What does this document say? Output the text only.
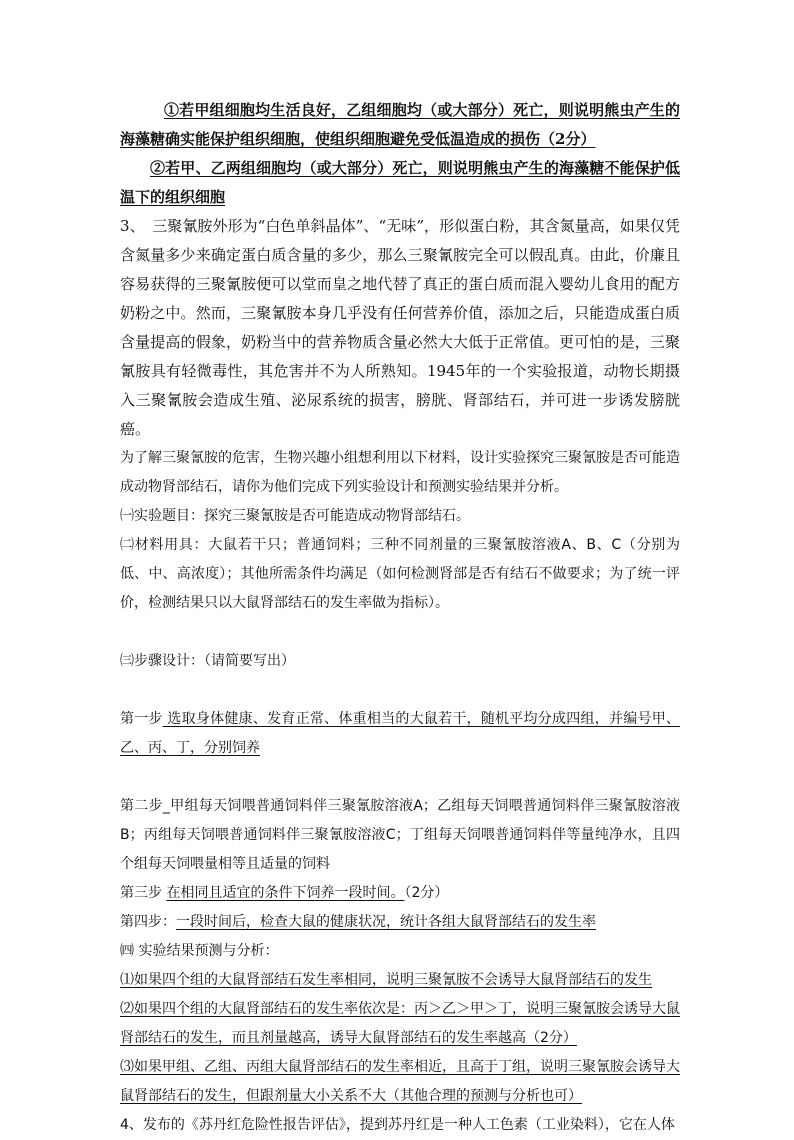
①若甲组细胞均生活良好，乙组细胞均（或大部分）死亡，则说明熊虫产生的海藻糖确实能保护组织细胞，使组织细胞避免受低温造成的损伤（2分）

②若甲、乙两组细胞均（或大部分）死亡，则说明熊虫产生的海藻糖不能保护低温下的组织细胞

3、　三聚氰胺外形为“白色单斜晶体”、“无味”，形似蛋白粉，其含氮量高，如果仅凭含氮量多少来确定蛋白质含量的多少，那么三聚氰胺完全可以假乱真。由此，价廉且容易获得的三聚氰胺便可以堂而皇之地代替了真正的蛋白质而混入婴幼儿食用的配方奶粉之中。然而，三聚氰胺本身几乎没有任何营养价值，添加之后，只能造成蛋白质含量提高的假象，奶粉当中的营养物质含量必然大大低于正常值。更可怕的是，三聚氰胺具有轻微毒性，其危害并不为人所熟知。1945年的一个实验报道，动物长期摄入三聚氰胺会造成生殖、泌尿系统的损害，膀胱、肾部结石，并可进一步诱发膀胱癌。

为了解三聚氰胺的危害，生物兴趣小组想利用以下材料，设计实验探究三聚氰胺是否可能造成动物肾部结石，请你为他们完成下列实验设计和预测实验结果并分析。

㈠实验题目：探究三聚氰胺是否可能造成动物肾部结石。

㈡材料用具：大鼠若干只；普通饲料；三种不同剂量的三聚氰胺溶液A、B、C（分别为低、中、高浓度）；其他所需条件均满足（如何检测肾部是否有结石不做要求；为了统一评价，检测结果只以大鼠肾部结石的发生率做为指标）。

㈢步骤设计：（请简要写出）

第一步 选取身体健康、发育正常、体重相当的大鼠若干，随机平均分成四组，并编号甲、乙、丙、丁，分别饲养

第二步_甲组每天饲喂普通饲料伴三聚氰胺溶液A；乙组每天饲喂普通饲料伴三聚氰胺溶液B；丙组每天饲喂普通饲料伴三聚氰胺溶液C；丁组每天饲喂普通饲料伴等量纯净水，且四个组每天饲喂量相等且适量的饲料

第三步 在相同且适宜的条件下饲养一段时间。（2分）

第四步：一段时间后，检查大鼠的健康状况，统计各组大鼠肾部结石的发生率

㈣ 实验结果预测与分析：

⑴如果四个组的大鼠肾部结石发生率相同，说明三聚氰胺不会诱导大鼠肾部结石的发生

⑵如果四个组的大鼠肾部结石的发生率依次是：丙＞乙＞甲＞丁，说明三聚氰胺会诱导大鼠肾部结石的发生，而且剂量越高，诱导大鼠肾部结石的发生率越高（2分）

⑶如果甲组、乙组、丙组大鼠肾部结石的发生率相近，且高于丁组，说明三聚氰胺会诱导大鼠肾部结石的发生，但跟剂量大小关系不大（其他合理的预测与分析也可）

4、发布的《苏丹红危险性报告评估》，提到苏丹红是一种人工色素（工业染料），它在人体
